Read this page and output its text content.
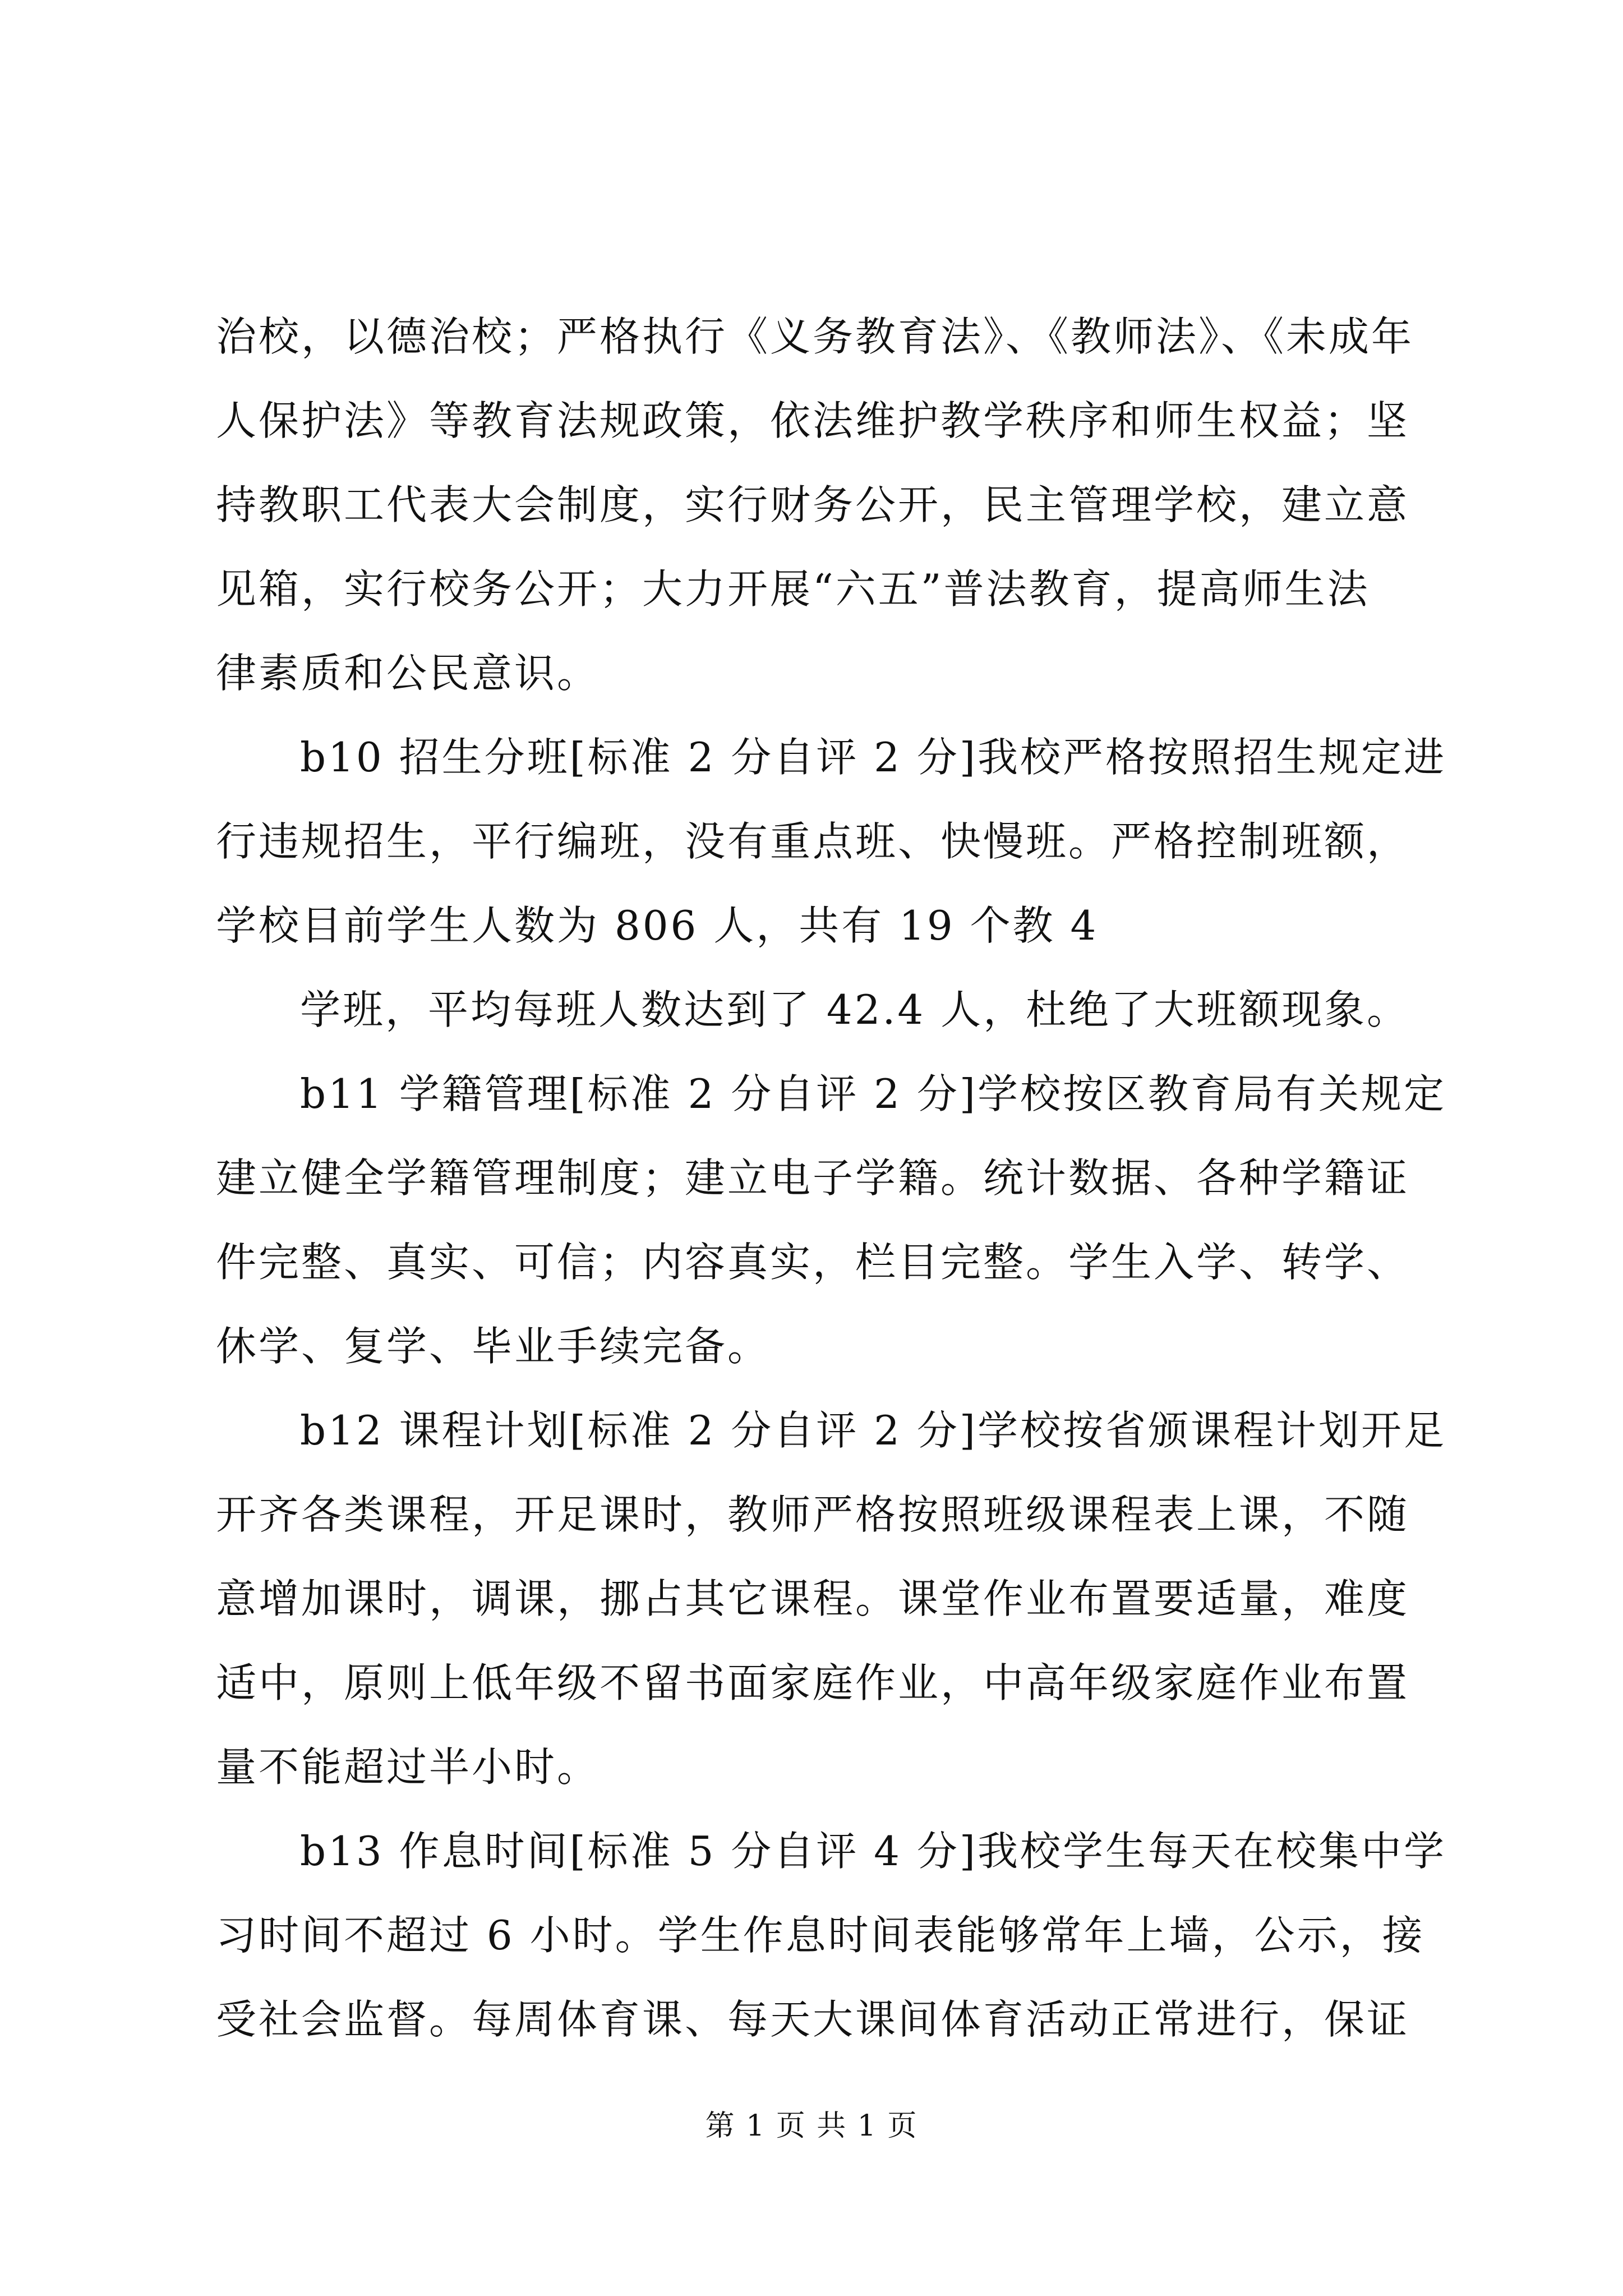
治校，以德治校；严格执行《义务教育法》、《教师法》、《未成年
人保护法》等教育法规政策，依法维护教学秩序和师生权益；坚
持教职工代表大会制度，实行财务公开，民主管理学校，建立意
见箱，实行校务公开；大力开展“六五”普法教育，提高师生法
律素质和公民意识。
b10 招生分班[标准 2 分自评 2 分]我校严格按照招生规定进
行违规招生，平行编班，没有重点班、快慢班。严格控制班额，
学校目前学生人数为 806 人，共有 19 个教 4
学班，平均每班人数达到了 42.4 人，杜绝了大班额现象。
b11 学籍管理[标准 2 分自评 2 分]学校按区教育局有关规定
建立健全学籍管理制度；建立电子学籍。统计数据、各种学籍证
件完整、真实、可信；内容真实，栏目完整。学生入学、转学、
休学、复学、毕业手续完备。
b12 课程计划[标准 2 分自评 2 分]学校按省颁课程计划开足
开齐各类课程，开足课时，教师严格按照班级课程表上课，不随
意增加课时，调课，挪占其它课程。课堂作业布置要适量，难度
适中，原则上低年级不留书面家庭作业，中高年级家庭作业布置
量不能超过半小时。
b13 作息时间[标准 5 分自评 4 分]我校学生每天在校集中学
习时间不超过 6 小时。学生作息时间表能够常年上墙，公示，接
受社会监督。每周体育课、每天大课间体育活动正常进行，保证
第 1 页 共 1 页
